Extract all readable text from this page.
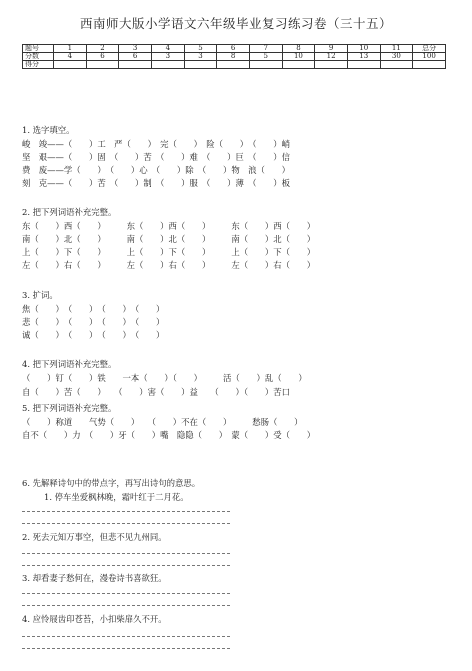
西南师大版小学语文六年级毕业复习练习卷（三十五）
题号	1	2	3	4	5	6	7	8	9	10	11	总分
分数	4	6	6	3	3	8	5	10	12	13	30	100
得分												
1. 选字填空。
峻　竣——（　　）工　严（　　）　完（　　）　险（　　）　（　　）峭
坚　艰——（　　）固　（　　）苦　（　　）难　（　　）巨　（　　）信
费　废——学（　　）　（　　）心　（　　）除　（　　）物　浪（　　）
刻　克——（　　）苦　（　　）制　（　　）服　（　　）薄　（　　）板
2. 把下列词语补充完整。
东（　　）西（　　）　　　东（　　）西（　　）　　　东（　　）西（　　）
南（　　）北（　　）　　　南（　　）北（　　）　　　南（　　）北（　　）
上（　　）下（　　）　　　上（　　）下（　　）　　　上（　　）下（　　）
左（　　）右（　　）　　　左（　　）右（　　）　　　左（　　）右（　　）
3. 扩词。
焦（　　）　（　　）　（　　）　（　　）
悲（　　）　（　　）　（　　）　（　　）
诚（　　）　（　　）　（　　）　（　　）
4. 把下列词语补充完整。
（　　）钉（　　）铁　　一本（　　）（　　）　　　活（　　）乱（　　）
自（　　）苦（　　）　　（　　）害（　　）益　　（　　）（　　）苦口
5. 把下列词语补充完整。
（　　）称道　　气势（　　）　　（　　）不在（　　）　　　愁肠（　　）
自不（　　）力　（　　）牙（　　）嘴　隐隐（　　）　蒙（　　）受（　　）
6. 先解释诗句中的带点字，再写出诗句的意思。
1. 停车坐爱枫林晚，霜叶红于二月花。
2. 死去元知万事空，但悲不见九州同。
3. 却看妻子愁何在，漫卷诗书喜欲狂。
4. 应怜屐齿印苍苔，小扣柴扉久不开。
